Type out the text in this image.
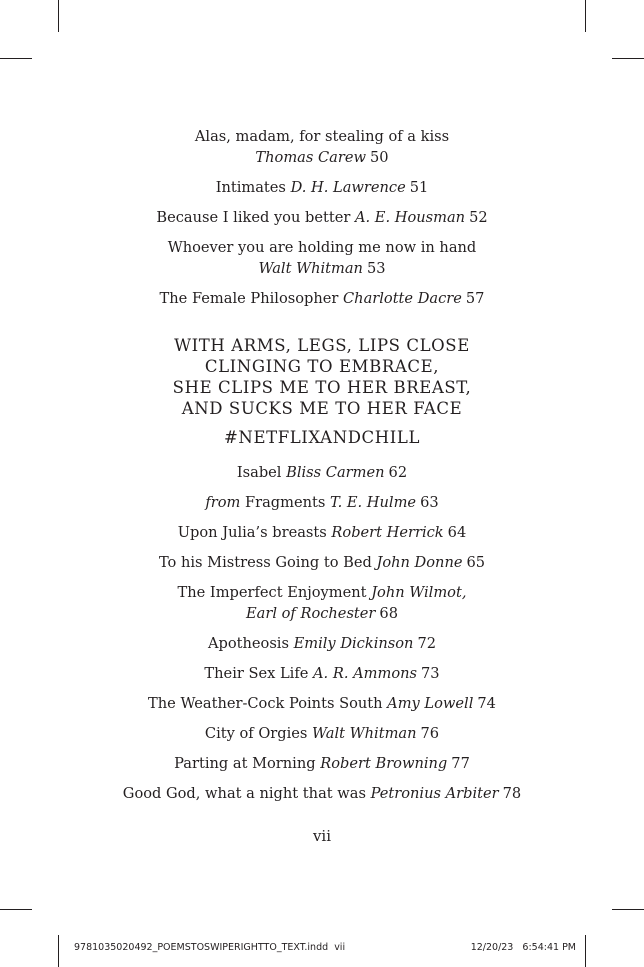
Alas, madam, for stealing of a kiss
Thomas Carew 50
Intimates D. H. Lawrence 51
Because I liked you better A. E. Housman 52
Whoever you are holding me now in hand
Walt Whitman 53
The Female Philosopher Charlotte Dacre 57
WITH ARMS, LEGS, LIPS CLOSE
CLINGING TO EMBRACE,
SHE CLIPS ME TO HER BREAST,
AND SUCKS ME TO HER FACE
#NETFLIXANDCHILL
Isabel Bliss Carmen 62
from Fragments T. E. Hulme 63
Upon Julia’s breasts Robert Herrick 64
To his Mistress Going to Bed John Donne 65
The Imperfect Enjoyment John Wilmot,
Earl of Rochester 68
Apotheosis Emily Dickinson 72
Their Sex Life A. R. Ammons 73
The Weather-Cock Points South Amy Lowell 74
City of Orgies Walt Whitman 76
Parting at Morning Robert Browning 77
Good God, what a night that was Petronius Arbiter 78
vii
9781035020492_POEMSTOSWIPERIGHTTO_TEXT.indd vii	12/20/23 6:54:41 PM
